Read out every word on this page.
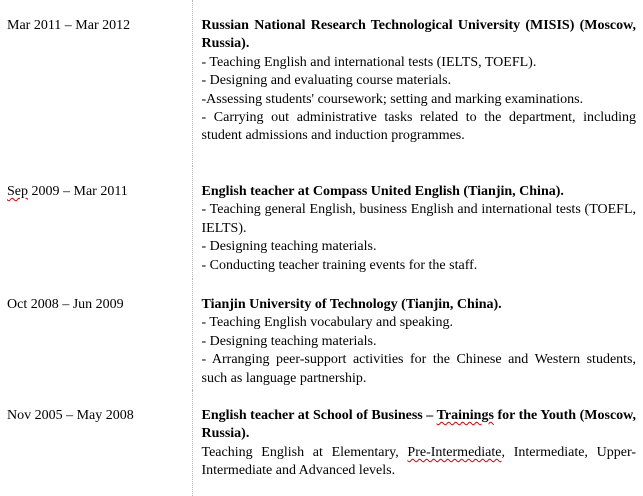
Mar 2011 – Mar 2012	Russian National Research Technological University (MISIS) (Moscow, Russia).
- Teaching English and international tests (IELTS, TOEFL).
- Designing and evaluating course materials.
-Assessing students' coursework; setting and marking examinations.
- Carrying out administrative tasks related to the department, including student admissions and induction programmes.

Sep 2009 – Mar 2011	English teacher at Compass United English (Tianjin, China).
- Teaching general English, business English and international tests (TOEFL, IELTS).
- Designing teaching materials.
- Conducting teacher training events for the staff.

Oct 2008 – Jun 2009	Tianjin University of Technology (Tianjin, China).
- Teaching English vocabulary and speaking.
- Designing teaching materials.
- Arranging peer-support activities for the Chinese and Western students, such as language partnership.

Nov 2005 – May 2008	English teacher at School of Business – Trainings for the Youth (Moscow, Russia).
Teaching English at Elementary, Pre-Intermediate, Intermediate, Upper-Intermediate and Advanced levels.
